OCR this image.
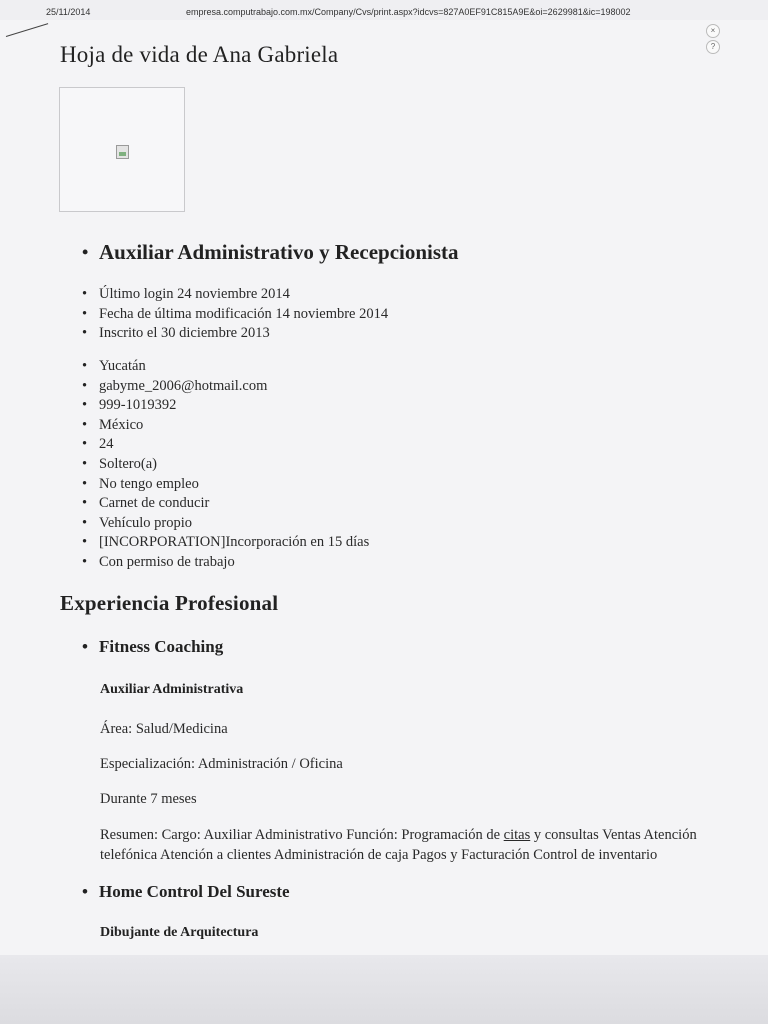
25/11/2014	empresa.computrabajo.com.mx/Company/Cvs/print.aspx?idcvs=827A0EF91C815A9E&oi=2629981&ic=198002
×
?
Hoja de vida de Ana Gabriela
• Auxiliar Administrativo y Recepcionista
• Último login 24 noviembre 2014
• Fecha de última modificación 14 noviembre 2014
• Inscrito el 30 diciembre 2013
• Yucatán
• gabyme_2006@hotmail.com
• 999-1019392
• México
• 24
• Soltero(a)
• No tengo empleo
• Carnet de conducir
• Vehículo propio
• [INCORPORATION]Incorporación en 15 días
• Con permiso de trabajo
Experiencia Profesional
• Fitness Coaching
Auxiliar Administrativa
Área: Salud/Medicina
Especialización: Administración / Oficina
Durante 7 meses
Resumen: Cargo: Auxiliar Administrativo Función: Programación de citas y consultas Ventas Atención telefónica Atención a clientes Administración de caja Pagos y Facturación Control de inventario
• Home Control Del Sureste
Dibujante de Arquitectura
